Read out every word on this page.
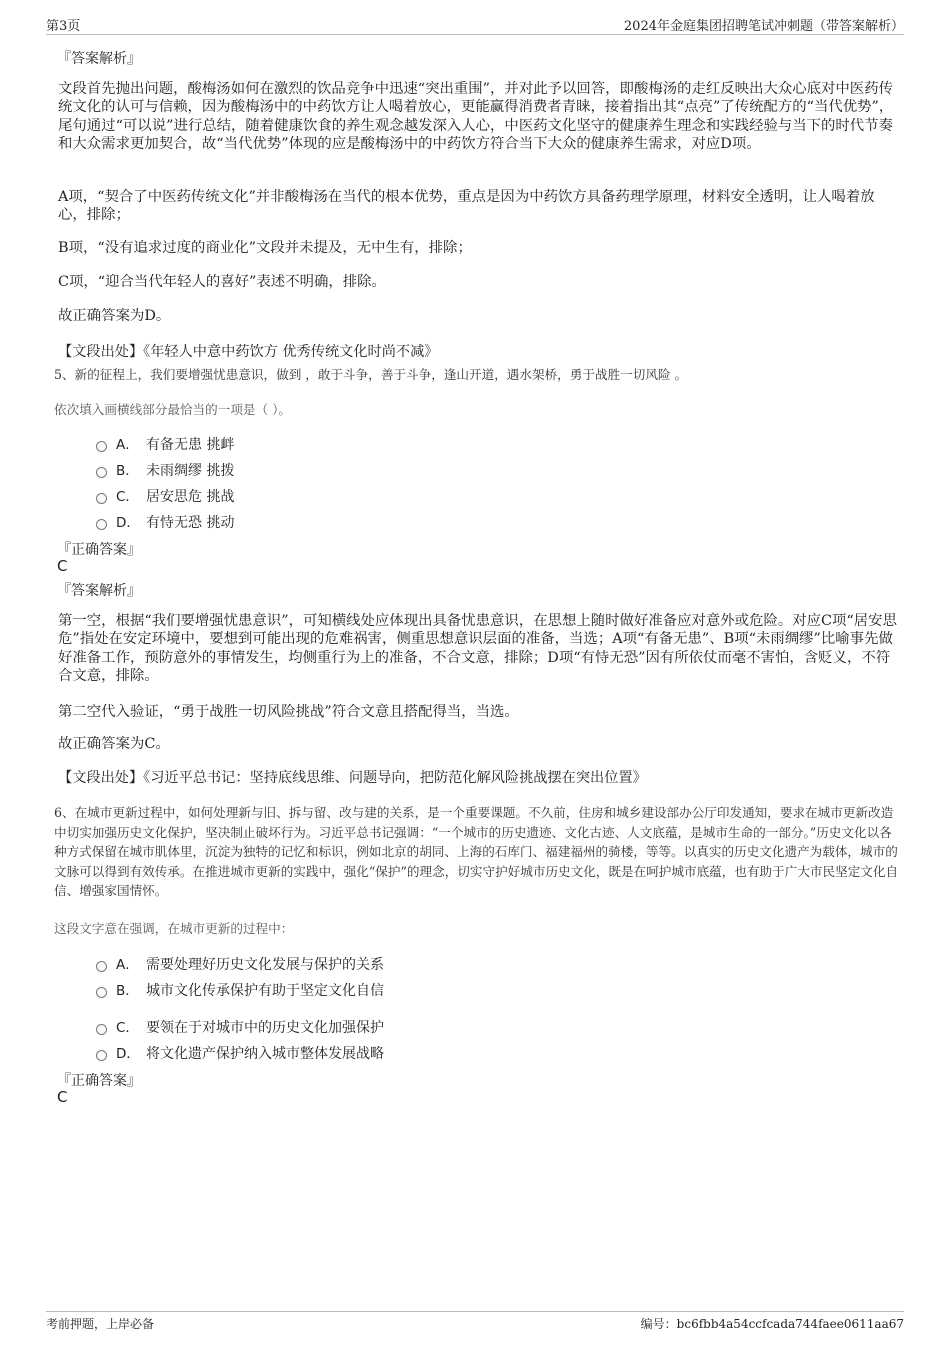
第3页	2024年金庭集团招聘笔试冲刺题（带答案解析）
『答案解析』
文段首先抛出问题，酸梅汤如何在激烈的饮品竞争中迅速“突出重围”，并对此予以回答，即酸梅汤的走红反映出大众心底对中医药传统文化的认可与信赖，因为酸梅汤中的中药饮方让人喝着放心，更能赢得消费者青睐，接着指出其“点亮”了传统配方的“当代优势”，尾句通过“可以说”进行总结，随着健康饮食的养生观念越发深入人心，中医药文化坚守的健康养生理念和实践经验与当下的时代节奏和大众需求更加契合，故“当代优势”体现的应是酸梅汤中的中药饮方符合当下大众的健康养生需求，对应D项。
A项，“契合了中医药传统文化”并非酸梅汤在当代的根本优势，重点是因为中药饮方具备药理学原理，材料安全透明，让人喝着放心，排除；
B项，“没有追求过度的商业化”文段并未提及，无中生有，排除；
C项，“迎合当代年轻人的喜好”表述不明确，排除。
故正确答案为D。
【文段出处】《年轻人中意中药饮方 优秀传统文化时尚不减》
5、新的征程上，我们要增强忧患意识，做到 ，敢于斗争，善于斗争，逢山开道，遇水架桥，勇于战胜一切风险 。
依次填入画横线部分最恰当的一项是（ ）。
A． 有备无患 挑衅
B． 未雨绸缪 挑拨
C． 居安思危 挑战
D． 有恃无恐 挑动
『正确答案』
C
『答案解析』
第一空，根据“我们要增强忧患意识”，可知横线处应体现出具备忧患意识，在思想上随时做好准备应对意外或危险。对应C项“居安思危”指处在安定环境中，要想到可能出现的危难祸害，侧重思想意识层面的准备，当选；A项“有备无患”、B项“未雨绸缪”比喻事先做好准备工作，预防意外的事情发生，均侧重行为上的准备，不合文意，排除；D项“有恃无恐”因有所依仗而毫不害怕，含贬义，不符合文意，排除。
第二空代入验证，“勇于战胜一切风险挑战”符合文意且搭配得当，当选。
故正确答案为C。
【文段出处】《习近平总书记：坚持底线思维、问题导向，把防范化解风险挑战摆在突出位置》
6、在城市更新过程中，如何处理新与旧、拆与留、改与建的关系，是一个重要课题。不久前，住房和城乡建设部办公厅印发通知，要求在城市更新改造中切实加强历史文化保护，坚决制止破坏行为。习近平总书记强调：“一个城市的历史遗迹、文化古迹、人文底蕴，是城市生命的一部分。”历史文化以各种方式保留在城市肌体里，沉淀为独特的记忆和标识，例如北京的胡同、上海的石库门、福建福州的骑楼，等等。以真实的历史文化遗产为载体，城市的文脉可以得到有效传承。在推进城市更新的实践中，强化“保护”的理念，切实守护好城市历史文化，既是在呵护城市底蕴，也有助于广大市民坚定文化自信、增强家国情怀。
这段文字意在强调，在城市更新的过程中：
A． 需要处理好历史文化发展与保护的关系
B． 城市文化传承保护有助于坚定文化自信
C． 要领在于对城市中的历史文化加强保护
D． 将文化遗产保护纳入城市整体发展战略
『正确答案』
C
考前押题，上岸必备	编号：bc6fbb4a54ccfcada744faee0611aa67
